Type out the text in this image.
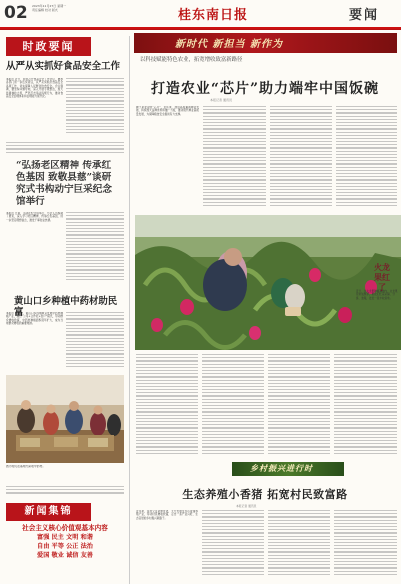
02 2023年11月27日 星期一
责任编辑 校对 版式	桂东南日报	要闻
时政要闻
从严从实抓好食品安全工作
本报讯 近日，我县召开食品安全工作会议，要求各部门进一步压实责任，从严从实抓好食品安全各项工作，切实保障人民群众饮食安全。会议强调，要坚持问题导向，深入开展专项整治，加大监督抽检力度，严厉打击违法违规行为，推动食品安全治理体系和治理能力现代化。
“弘扬老区精神 传承红色基因 致敬县慈”谈研究式书构动宁巨采纪念馆举行
本报讯 日前，活动在纪念馆举行，与会人员参观了展览，深入学习老区精神，传承红色基因，进一步坚定理想信念，激发干事创业热情。
黄山口乡种植中药材助民富
本报讯 近年来，黄山口乡因地制宜发展中药材种植产业，通过“公司+合作社+农户”模式，带动群众增收致富，中药材种植面积逐年扩大，成为当地群众增收的重要渠道。
图为村民在基地内采收中药材。
新闻集锦
社会主义核心价值观基本内容
富强 民主 文明 和谐
自由 平等 公正 法治
爱国 敬业 诚信 友善
新时代 新担当 新作为
以科技赋能特色农业，拓宽增收致富新路径
打造农业“芯片”助力端牢中国饭碗
本报记者 通讯员
种子是农业的“芯片”，近年来，我县高度重视种业发展，持续加大良种选育和推广力度，推动现代种业高质量发展，为保障粮食安全提供有力支撑。
火龙果红了
近日，在火龙果种植基地内，火龙果迎来成熟季，果农们忙着采摘、分拣、装箱，处处一派丰收景象。
乡村振兴进行时
生态养殖小香猪 拓宽村民致富路
本报记者 通讯员
近年来，该村立足资源优势，大力发展生态小香猪养殖产业，带动村民增收致富，走出一条产业兴旺、生态宜居的乡村振兴新路子。
